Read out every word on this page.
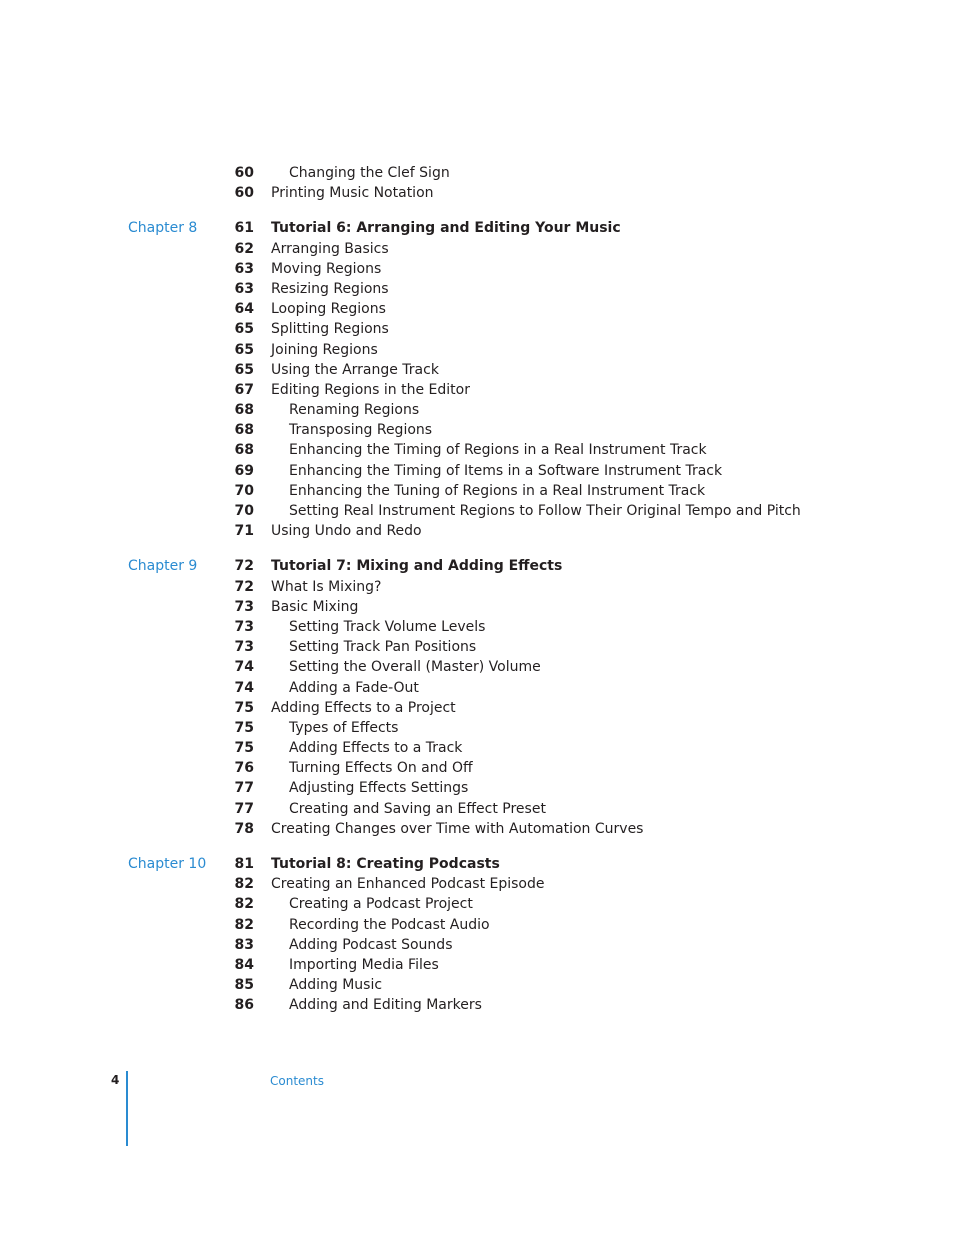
60	Changing the Clef Sign
60 Printing Music Notation
Chapter 8	61 Tutorial 6: Arranging and Editing Your Music
62 Arranging Basics
63 Moving Regions
63 Resizing Regions
64 Looping Regions
65 Splitting Regions
65 Joining Regions
65 Using the Arrange Track
67 Editing Regions in the Editor
68	Renaming Regions
68	Transposing Regions
68	Enhancing the Timing of Regions in a Real Instrument Track
69	Enhancing the Timing of Items in a Software Instrument Track
70	Enhancing the Tuning of Regions in a Real Instrument Track
70	Setting Real Instrument Regions to Follow Their Original Tempo and Pitch
71 Using Undo and Redo
Chapter 9	72 Tutorial 7: Mixing and Adding Effects
72 What Is Mixing?
73 Basic Mixing
73	Setting Track Volume Levels
73	Setting Track Pan Positions
74	Setting the Overall (Master) Volume
74	Adding a Fade-Out
75 Adding Effects to a Project
75	Types of Effects
75	Adding Effects to a Track
76	Turning Effects On and Off
77	Adjusting Effects Settings
77	Creating and Saving an Effect Preset
78 Creating Changes over Time with Automation Curves
Chapter 10	81 Tutorial 8: Creating Podcasts
82 Creating an Enhanced Podcast Episode
82	Creating a Podcast Project
82	Recording the Podcast Audio
83	Adding Podcast Sounds
84	Importing Media Files
85	Adding Music
86	Adding and Editing Markers
4	Contents
